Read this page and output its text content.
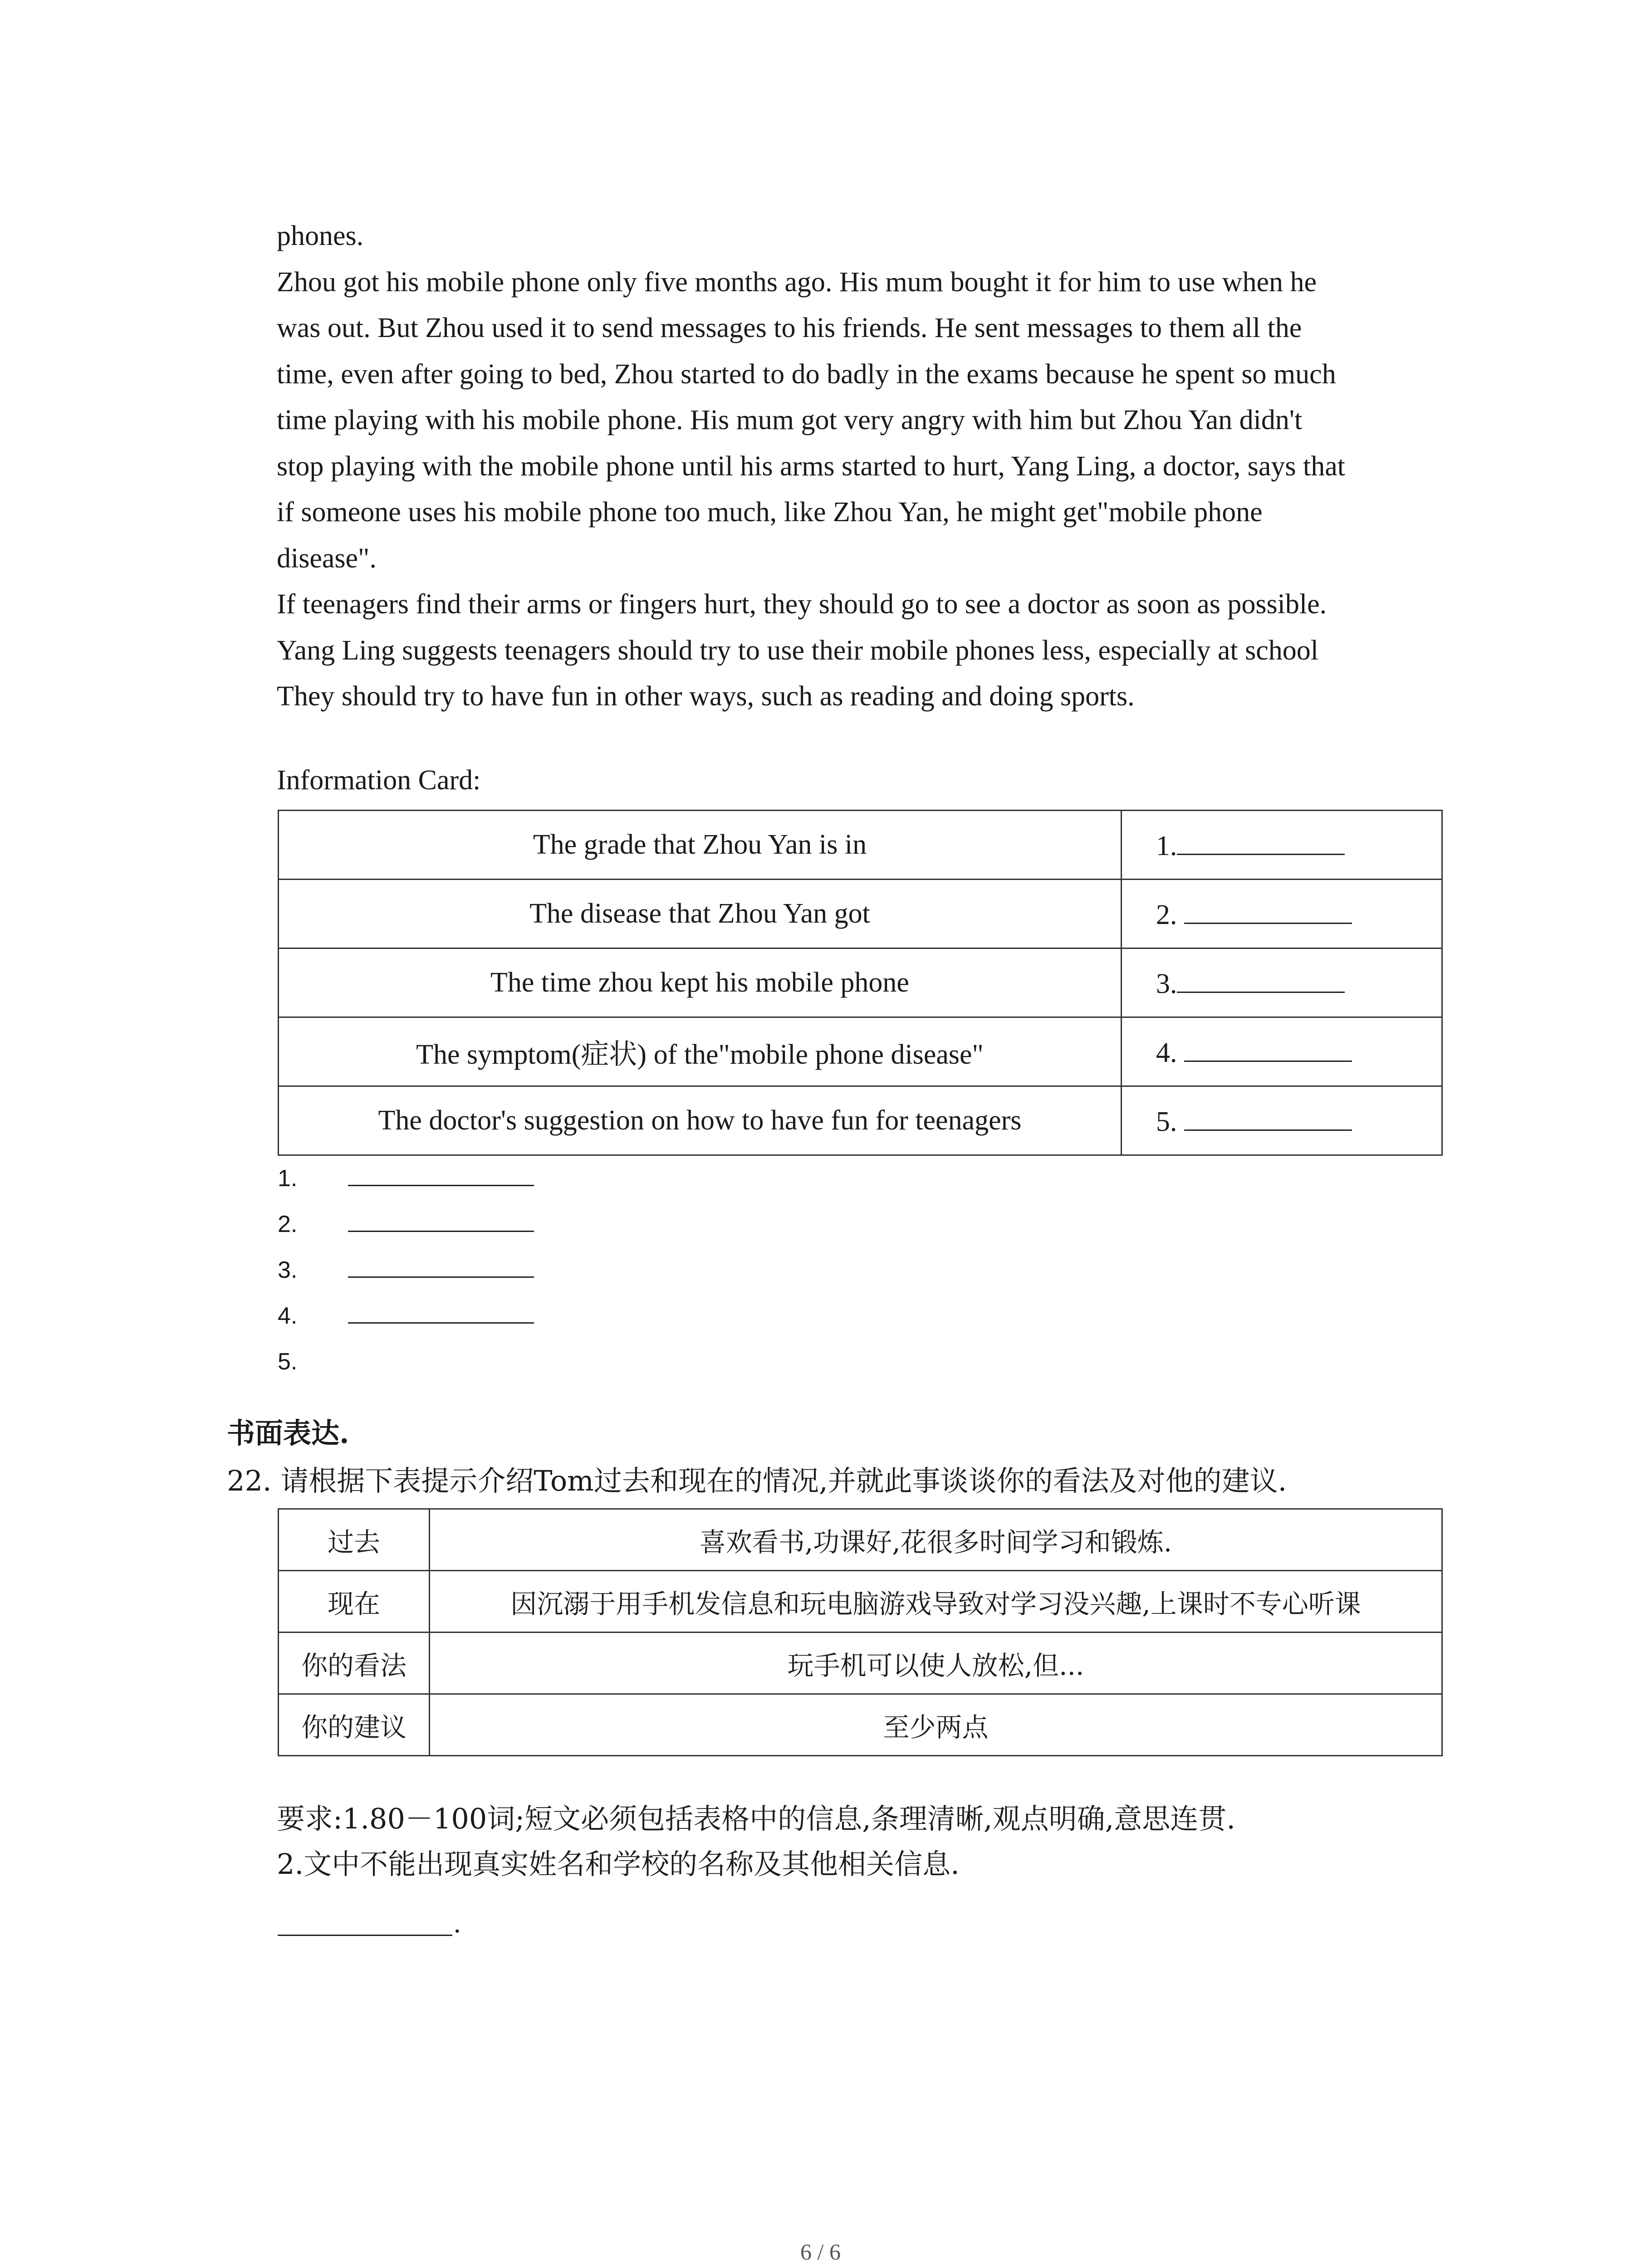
phones.

Zhou got his mobile phone only five months ago. His mum bought it for him to use when he

was out. But Zhou used it to send messages to his friends. He sent messages to them all the

time, even after going to bed, Zhou started to do badly in the exams because he spent so much

time playing with his mobile phone. His mum got very angry with him but Zhou Yan didn't

stop playing with the mobile phone until his arms started to hurt, Yang Ling, a doctor, says that

if someone uses his mobile phone too much, like Zhou Yan, he might get"mobile phone

disease".

If teenagers find their arms or fingers hurt, they should go to see a doctor as soon as possible.

Yang Ling suggests teenagers should try to use their mobile phones less, especially at school

They should try to have fun in other ways, such as reading and doing sports.

Information Card:
The grade that Zhou Yan is in	1.
The disease that Zhou Yan got	2.
The time zhou kept his mobile phone	3.
The symptom(症状) of the"mobile phone disease"	4.
The doctor's suggestion on how to have fun for teenagers	5.
1.
2.
3.
4.
5.
书面表达.
22. 请根据下表提示介绍Tom过去和现在的情况,并就此事谈谈你的看法及对他的建议.
过去	喜欢看书,功课好,花很多时间学习和锻炼.
现在	因沉溺于用手机发信息和玩电脑游戏导致对学习没兴趣,上课时不专心听课
你的看法	玩手机可以使人放松,但...
你的建议	至少两点
要求:1.80－100词;短文必须包括表格中的信息,条理清晰,观点明确,意思连贯.
2.文中不能出现真实姓名和学校的名称及其他相关信息.
.
6 / 6
